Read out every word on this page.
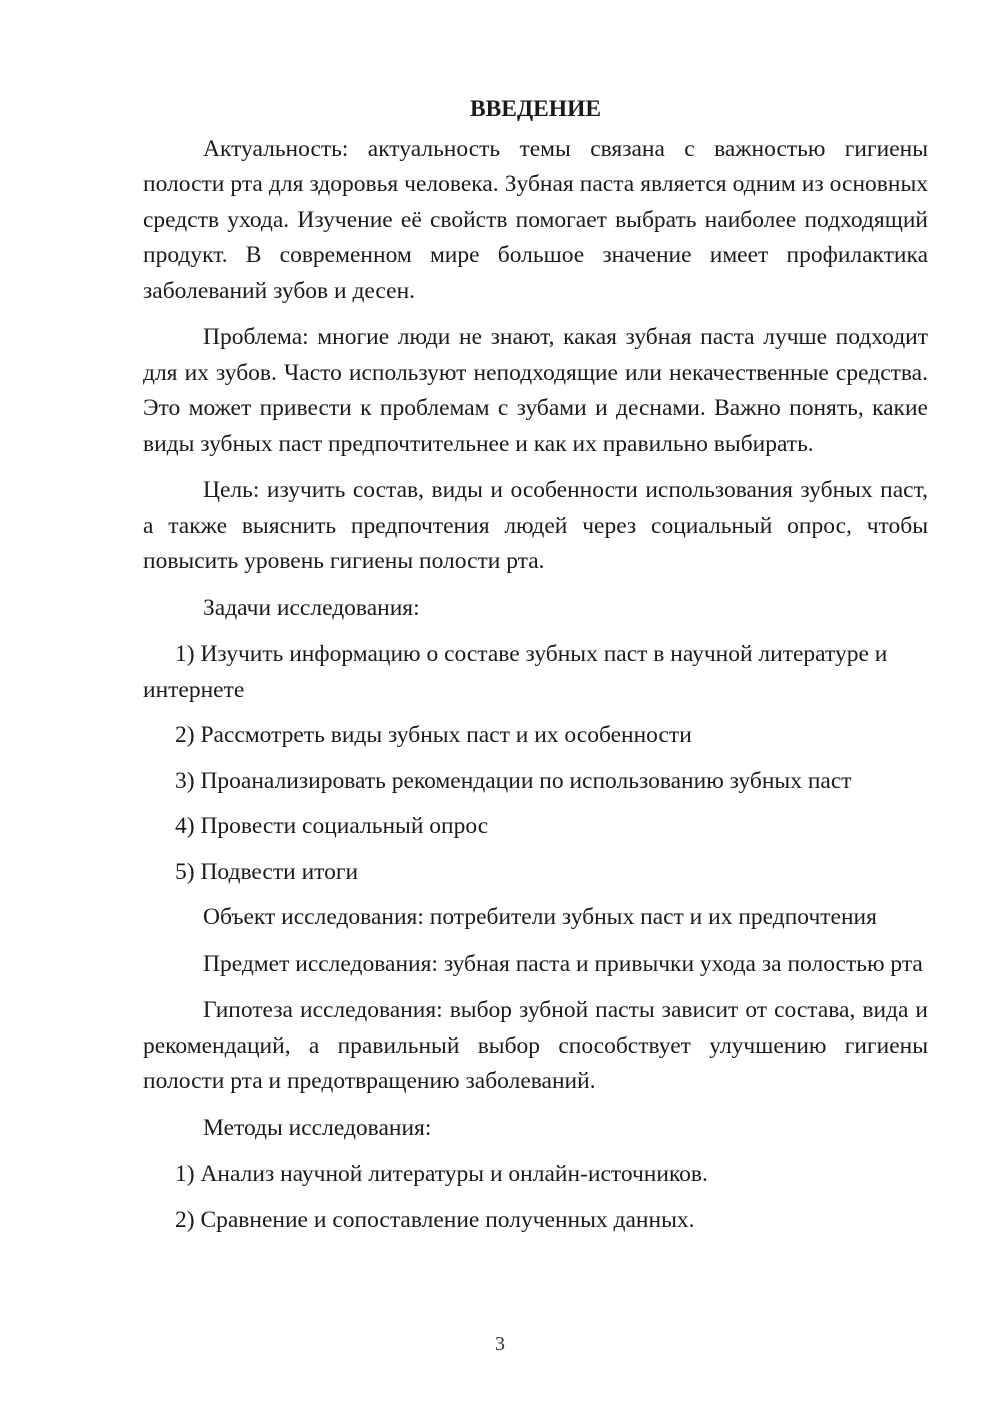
ВВЕДЕНИЕ

Актуальность: актуальность темы связана с важностью гигиены полости рта для здоровья человека. Зубная паста является одним из основных средств ухода. Изучение её свойств помогает выбрать наиболее подходящий продукт. В современном мире большое значение имеет профилактика заболеваний зубов и десен.

Проблема: многие люди не знают, какая зубная паста лучше подходит для их зубов. Часто используют неподходящие или некачественные средства. Это может привести к проблемам с зубами и деснами. Важно понять, какие виды зубных паст предпочтительнее и как их правильно выбирать.

Цель: изучить состав, виды и особенности использования зубных паст, а также выяснить предпочтения людей через социальный опрос, чтобы повысить уровень гигиены полости рта.

Задачи исследования:

1) Изучить информацию о составе зубных паст в научной литературе и интернете

2) Рассмотреть виды зубных паст и их особенности

3) Проанализировать рекомендации по использованию зубных паст

4) Провести социальный опрос

5) Подвести итоги

Объект исследования: потребители зубных паст и их предпочтения

Предмет исследования: зубная паста и привычки ухода за полостью рта

Гипотеза исследования: выбор зубной пасты зависит от состава, вида и рекомендаций, а правильный выбор способствует улучшению гигиены полости рта и предотвращению заболеваний.

Методы исследования:

1) Анализ научной литературы и онлайн-источников.

2) Сравнение и сопоставление полученных данных.

3
